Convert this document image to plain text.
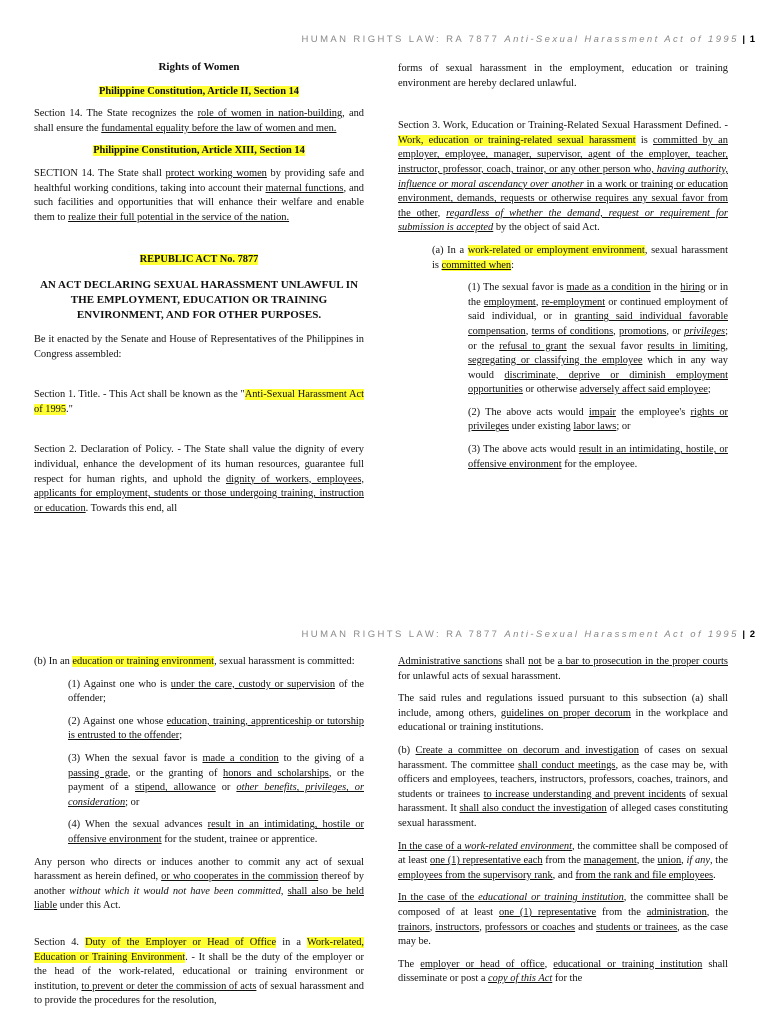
HUMAN RIGHTS LAW: RA 7877 Anti-Sexual Harassment Act of 1995 | 1
Rights of Women
Philippine Constitution, Article II, Section 14

Section 14. The State recognizes the role of women in nation-building, and shall ensure the fundamental equality before the law of women and men.

Philippine Constitution, Article XIII, Section 14

SECTION 14. The State shall protect working women by providing safe and healthful working conditions, taking into account their maternal functions, and such facilities and opportunities that will enhance their welfare and enable them to realize their full potential in the service of the nation.

REPUBLIC ACT No. 7877
AN ACT DECLARING SEXUAL HARASSMENT UNLAWFUL IN THE EMPLOYMENT, EDUCATION OR TRAINING ENVIRONMENT, AND FOR OTHER PURPOSES.

Be it enacted by the Senate and House of Representatives of the Philippines in Congress assembled:

Section 1. Title. - This Act shall be known as the "Anti-Sexual Harassment Act of 1995."

Section 2. Declaration of Policy. - The State shall value the dignity of every individual, enhance the development of its human resources, guarantee full respect for human rights, and uphold the dignity of workers, employees, applicants for employment, students or those undergoing training, instruction or education. Towards this end, all

forms of sexual harassment in the employment, education or training environment are hereby declared unlawful.

Section 3. Work, Education or Training-Related Sexual Harassment Defined. - Work, education or training-related sexual harassment is committed by an employer, employee, manager, supervisor, agent of the employer, teacher, instructor, professor, coach, trainor, or any other person who, having authority, influence or moral ascendancy over another in a work or training or education environment, demands, requests or otherwise requires any sexual favor from the other, regardless of whether the demand, request or requirement for submission is accepted by the object of said Act.

(a) In a work-related or employment environment, sexual harassment is committed when:

(1) The sexual favor is made as a condition in the hiring or in the employment, re-employment or continued employment of said individual, or in granting said individual favorable compensation, terms of conditions, promotions, or privileges; or the refusal to grant the sexual favor results in limiting, segregating or classifying the employee which in any way would discriminate, deprive or diminish employment opportunities or otherwise adversely affect said employee;

(2) The above acts would impair the employee's rights or privileges under existing labor laws; or

(3) The above acts would result in an intimidating, hostile, or offensive environment for the employee.

HUMAN RIGHTS LAW: RA 7877 Anti-Sexual Harassment Act of 1995 | 2

(b) In an education or training environment, sexual harassment is committed:

(1) Against one who is under the care, custody or supervision of the offender;

(2) Against one whose education, training, apprenticeship or tutorship is entrusted to the offender;

(3) When the sexual favor is made a condition to the giving of a passing grade, or the granting of honors and scholarships, or the payment of a stipend, allowance or other benefits, privileges, or consideration; or

(4) When the sexual advances result in an intimidating, hostile or offensive environment for the student, trainee or apprentice.

Any person who directs or induces another to commit any act of sexual harassment as herein defined, or who cooperates in the commission thereof by another without which it would not have been committed, shall also be held liable under this Act.

Section 4. Duty of the Employer or Head of Office in a Work-related, Education or Training Environment. - It shall be the duty of the employer or the head of the work-related, educational or training environment or institution, to prevent or deter the commission of acts of sexual harassment and to provide the procedures for the resolution,

Administrative sanctions shall not be a bar to prosecution in the proper courts for unlawful acts of sexual harassment.

The said rules and regulations issued pursuant to this subsection (a) shall include, among others, guidelines on proper decorum in the workplace and educational or training institutions.

(b) Create a committee on decorum and investigation of cases on sexual harassment. The committee shall conduct meetings, as the case may be, with officers and employees, teachers, instructors, professors, coaches, trainors, and students or trainees to increase understanding and prevent incidents of sexual harassment. It shall also conduct the investigation of alleged cases constituting sexual harassment.

In the case of a work-related environment, the committee shall be composed of at least one (1) representative each from the management, the union, if any, the employees from the supervisory rank, and from the rank and file employees.

In the case of the educational or training institution, the committee shall be composed of at least one (1) representative from the administration, the trainors, instructors, professors or coaches and students or trainees, as the case may be.

The employer or head of office, educational or training institution shall disseminate or post a copy of this Act for the
